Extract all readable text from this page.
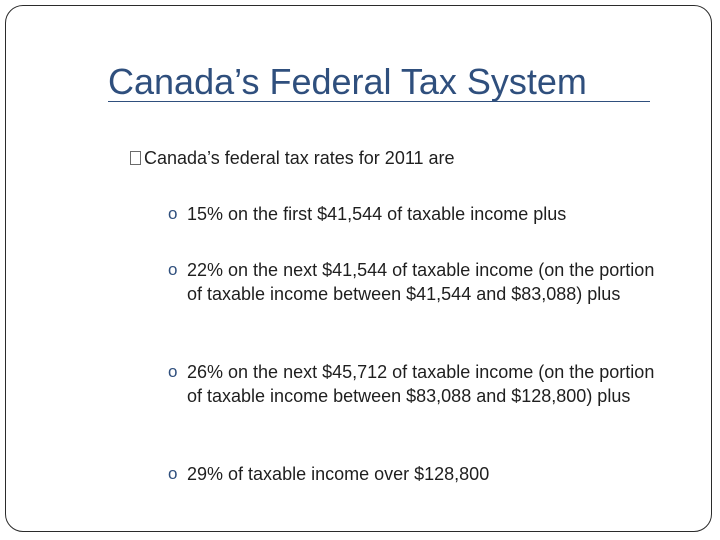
Canada’s Federal Tax System
Canada’s federal tax rates for 2011 are
o 15% on the first $41,544 of taxable income plus
o 22% on the next $41,544 of taxable income (on the portion of taxable income between $41,544 and $83,088) plus
o 26% on the next $45,712 of taxable income (on the portion of taxable income between $83,088 and $128,800) plus
o 29% of taxable income over $128,800
